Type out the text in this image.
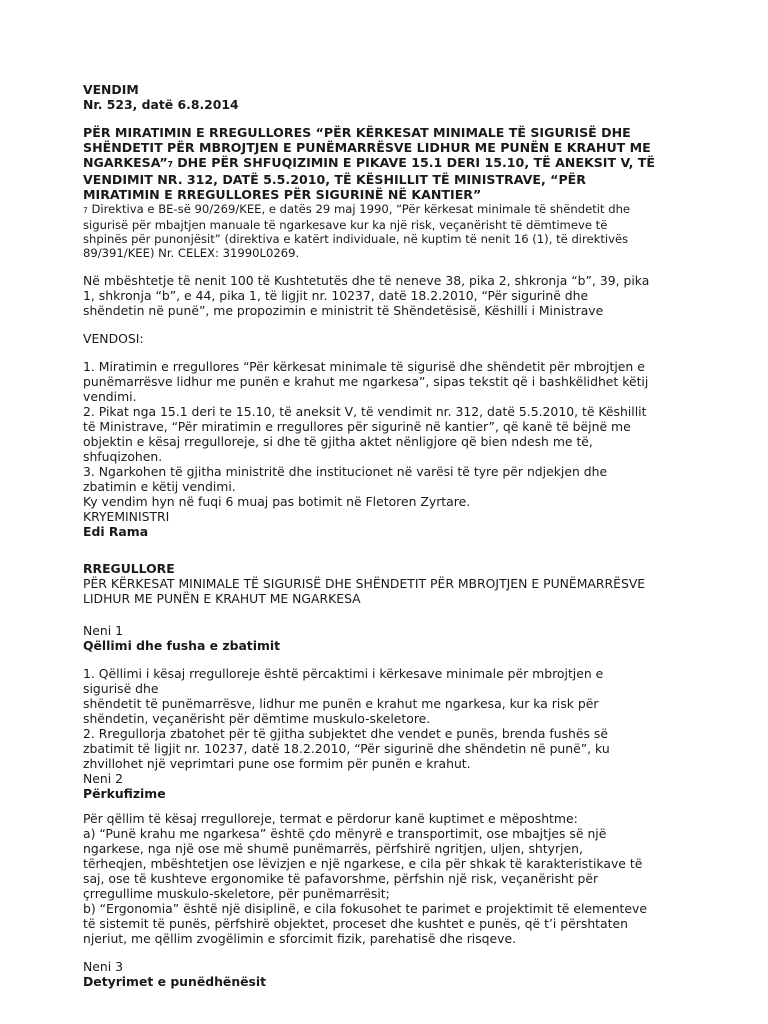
VENDIM
Nr. 523, datë 6.8.2014
PËR MIRATIMIN E RREGULLORES “PËR KËRKESAT MINIMALE TË SIGURISË DHE
SHËNDETIT PËR MBROJTJEN E PUNËMARRËSVE LIDHUR ME PUNËN E KRAHUT ME
NGARKESA”7 DHE PËR SHFUQIZIMIN E PIKAVE 15.1 DERI 15.10, TË ANEKSIT V, TË
VENDIMIT NR. 312, DATË 5.5.2010, TË KËSHILLIT TË MINISTRAVE, “PËR
MIRATIMIN E RREGULLORES PËR SIGURINË NË KANTIER”
7 Direktiva e BE-së 90/269/KEE, e datës 29 maj 1990, “Për kërkesat minimale të shëndetit dhe
sigurisë për mbajtjen manuale të ngarkesave kur ka një risk, veçanërisht të dëmtimeve të
shpinës për punonjësit” (direktiva e katërt individuale, në kuptim të nenit 16 (1), të direktivës
89/391/KEE) Nr. CELEX: 31990L0269.
Në mbështetje të nenit 100 të Kushtetutës dhe të neneve 38, pika 2, shkronja “b”, 39, pika
1, shkronja “b”, e 44, pika 1, të ligjit nr. 10237, datë 18.2.2010, “Për sigurinë dhe
shëndetin në punë”, me propozimin e ministrit të Shëndetësisë, Këshilli i Ministrave
VENDOSI:
1. Miratimin e rregullores “Për kërkesat minimale të sigurisë dhe shëndetit për mbrojtjen e
punëmarrësve lidhur me punën e krahut me ngarkesa”, sipas tekstit që i bashkëlidhet këtij
vendimi.
2. Pikat nga 15.1 deri te 15.10, të aneksit V, të vendimit nr. 312, datë 5.5.2010, të Këshillit
të Ministrave, “Për miratimin e rregullores për sigurinë në kantier”, që kanë të bëjnë me
objektin e kësaj rregulloreje, si dhe të gjitha aktet nënligjore që bien ndesh me të,
shfuqizohen.
3. Ngarkohen të gjitha ministritë dhe institucionet në varësi të tyre për ndjekjen dhe
zbatimin e këtij vendimi.
Ky vendim hyn në fuqi 6 muaj pas botimit në Fletoren Zyrtare.
KRYEMINISTRI
Edi Rama
RREGULLORE
PËR KËRKESAT MINIMALE TË SIGURISË DHE SHËNDETIT PËR MBROJTJEN E PUNËMARRËSVE
LIDHUR ME PUNËN E KRAHUT ME NGARKESA
Neni 1
Qëllimi dhe fusha e zbatimit
1. Qëllimi i kësaj rregulloreje është përcaktimi i kërkesave minimale për mbrojtjen e
sigurisë dhe
shëndetit të punëmarrësve, lidhur me punën e krahut me ngarkesa, kur ka risk për
shëndetin, veçanërisht për dëmtime muskulo-skeletore.
2. Rregullorja zbatohet për të gjitha subjektet dhe vendet e punës, brenda fushës së
zbatimit të ligjit nr. 10237, datë 18.2.2010, “Për sigurinë dhe shëndetin në punë”, ku
zhvillohet një veprimtari pune ose formim për punën e krahut.
Neni 2
Përkufizime
Për qëllim të kësaj rregulloreje, termat e përdorur kanë kuptimet e mëposhtme:
a) “Punë krahu me ngarkesa” është çdo mënyrë e transportimit, ose mbajtjes së një
ngarkese, nga një ose më shumë punëmarrës, përfshirë ngritjen, uljen, shtyrjen,
tërheqjen, mbështetjen ose lëvizjen e një ngarkese, e cila për shkak të karakteristikave të
saj, ose të kushteve ergonomike të pafavorshme, përfshin një risk, veçanërisht për
çrregullime muskulo-skeletore, për punëmarrësit;
b) “Ergonomia” është një disiplinë, e cila fokusohet te parimet e projektimit të elementeve
të sistemit të punës, përfshirë objektet, proceset dhe kushtet e punës, që t’i përshtaten
njeriut, me qëllim zvogëlimin e sforcimit fizik, parehatisë dhe risqeve.
Neni 3
Detyrimet e punëdhënësit
